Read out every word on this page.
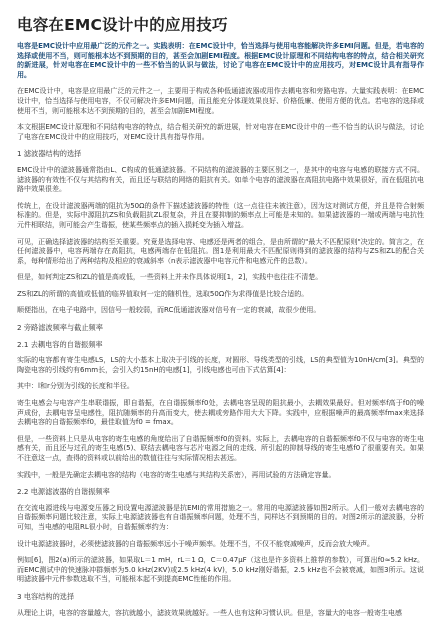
电容在EMC设计中的应用技巧

电容是EMC设计中应用最广泛的元件之一。实践表明：在EMC设计中，恰当选择与使用电容能解决许多EMI问题。但是，若电容的选择或使用不当，则可能根本达不到预期的目的，甚至会加剧EMI程度。根据EMC设计原理和不同结构电容的特点，结合相关研究的新进展，针对电容在EMC设计中的一些不恰当的认识与做法，讨论了电容在EMC设计中的应用技巧，对EMC设计具有指导作用。

在EMC设计中，电容是应用最广泛的元件之一，主要用于构成各种低通滤波器或用作去耦电容和旁路电容。大量实践表明：在EMC设计中，恰当选择与使用电容，不仅可解决许多EMI问题，而且能充分体现效果良好、价格低廉、使用方便的优点。若电容的选择或使用不当，则可能根本达不到预期的目的，甚至会加剧EMI程度。

本文根据EMC设计原理和不同结构电容的特点，结合相关研究的新进展，针对电容在EMC设计中的一些不恰当的认识与做法，讨论了电容在EMC设计中的应用技巧，对EMC设计具有指导作用。

1 滤波器结构的选择

EMC设计中的滤波器通常指由L、C构成的低通滤波器。不同结构的滤波器的主要区别之一，是其中的电容与电感的联接方式不同。滤波器的有效性不仅与其结构有关，而且还与联结的网络的阻抗有关。如单个电容的滤波器在高阻抗电路中效果很好，而在低阻抗电路中效果很差。

传统上，在设计滤波器两端的阻抗为50Ω的条件下描述滤波器的特性（这一点往往未被注意），因为这对测试方便，并且是符合射频标准的。但是，实际中源阻抗ZS和负载阻抗ZL很复杂，并且在要抑制的频率点上可能是未知的。如果滤波器的一端或两端与电抗性元件相联结，则可能会产生谐振，使某些频率点的插入损耗变为插入增益。

可见，正确选择滤波器的结构至关重要。究竟是选择电容、电感还是两者的组合，是由所谓的"最大不匹配原则"决定的。简言之，在任何滤波器中，电容两端存在高阻抗，电感两端存在低阻抗。图1是利用最大不匹配原则得到的滤波器的结构与ZS和ZL的配合关系，每种情形给出了两种结构及相应的衰减斜率（n表示滤波器中电容元件和电感元件的总数）。

但是，如何判定ZS和ZL的值是高或低，一些资料上并未作具体说明[1，2]，实践中也往往不清楚。

ZS和ZL的所谓的高值或低值的临界值取何一定的随机性，选取50Ω作为求得值是比较合适的。

顺便指出，在电子电路中，因信号一般较弱，而RC低通滤波器对信号有一定的衰减，故很少使用。

2 旁路滤波频率与截止频率
2.1 去耦电容的自谐振频率

实际的电容都有寄生电感LS，LS的大小基本上取决于引线的长度，对圆形、导线类型的引线，LS的典型值为10nH/cm[3]。典型的陶瓷电容的引线约有6mm长，会引入约15nH的电感[1]，引线电感也可由下式估算[4]：

其中：l和r分别为引线的长度和半径。

寄生电感会与电容产生串联谐振，即自谐振，在自谐振频率f0处，去耦电容呈现的阻抗最小，去耦效果最好。但对频率f高于f0的噪声成份，去耦电容呈电感性，阻抗随频率的升高而变大，使去耦或旁路作用大大下降。实践中，应根据噪声的最高频率fmax来选择去耦电容的自谐振频率f0，最佳取值为f0 = fmax。

但是，一些资料上只是从电容的寄生电感的角度给出了自谐振频率f0的资料。实际上，去耦电容的自谐振频率f0不仅与电容的寄生电感有关，而且还与过孔的寄生电感(5)、联结去耦电容与芯片电源之间的走线、所引起的抑制导线的寄生电感f0了很重要有关。如果不注意这一点，查得的资料或以前给出的数值往往与实际情况相去甚远。

实践中，一般是先确定去耦电容的结构（电容的寄生电感与其结构关系密），再用试验的方法确定容量。

2.2 电源滤波器的自谐振频率

在交流电源进线与电源变压器之间设置电源滤波器是抗EMI的常用措施之一。常用的电源滤波器如图2所示。人们一般对去耦电容的自谐振频率问题比较注意，实际上电源滤波器也有自谐振频率问题，处理不当，同样达不到预期的目的。对图2所示的滤波器，分析可知，当电感的电阻RL很小时，自谐振频率约为：

设计电源滤波器时，必须使滤波器的自谐振频率远小于噪声频率。处理不当，不仅不能衰减噪声，反而会放大噪声。

例如[6]，图2(a)所示的滤波器，如果取L＝1 mH，rL＝1 Ω，C＝0.47μF（这也是许多资料上推荐的参数），可算出f0≈5.2 kHz。而EMC测试中的快速脉冲群频率为5.0 kHz(2KV)或2.5 kHz(4 kV)，5.0 kHz刚好谐振，2.5 kHz也不会被衰减，如图3所示。这说明滤波器中元件参数选取不当，可能根本起不到提高EMC性能的作用。

3 电容结构的选择

从理论上讲，电容的容量越大，容抗就越小，滤波效果就越好。一些人也有这种习惯认识。但是，容量大的电容一般寄生电感
